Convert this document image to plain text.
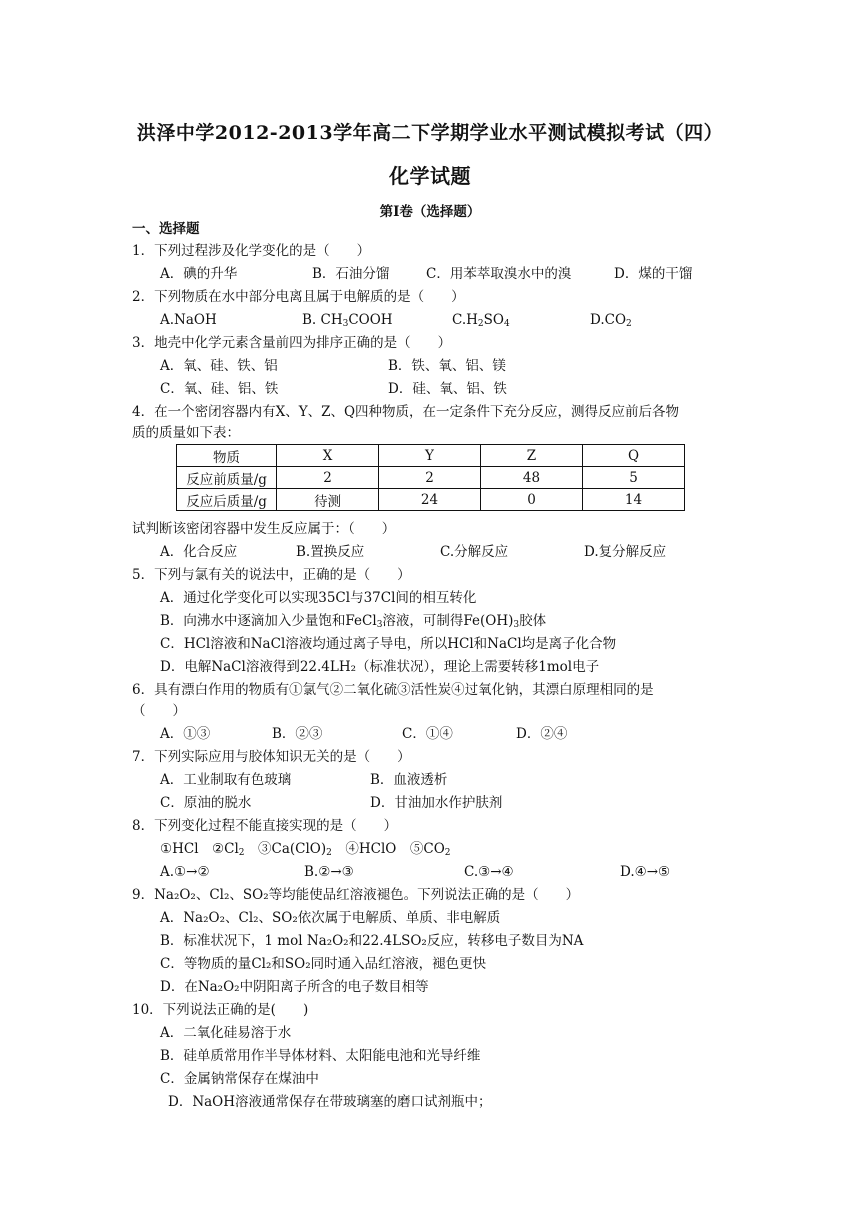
洪泽中学2012-2013学年高二下学期学业水平测试模拟考试（四）
化学试题
第Ⅰ卷（选择题）
一、选择题
1．下列过程涉及化学变化的是（　　）
A．碘的升华	B．石油分馏	C．用苯萃取溴水中的溴	D．煤的干馏
2．下列物质在水中部分电离且属于电解质的是（　　）
A.NaOH	B. $CH_3COOH$	$C.H_2SO_4$	$D.CO_2$
3．地壳中化学元素含量前四为排序正确的是（　　）
A．氧、硅、铁、铝	B．铁、氧、铝、镁
C．氧、硅、铝、铁	D．硅、氧、铝、铁
4．在一个密闭容器内有X、Y、Z、Q四种物质，在一定条件下充分反应，测得反应前后各物
质的质量如下表：
物质	X	Y	Z	Q
反应前质量/g	2	2	48	5
反应后质量/g	待测	24	0	14
试判断该密闭容器中发生反应属于：（　　）
A．化合反应	B.置换反应	C.分解反应	D.复分解反应
5．下列与氯有关的说法中，正确的是（　　）
A．通过化学变化可以实现35Cl与37Cl间的相互转化
B．向沸水中逐滴加入少量饱和FeCl$_3$溶液，可制得$Fe(OH)_3$胶体
C．HCl溶液和NaCl溶液均通过离子导电，所以HCl和NaCl均是离子化合物
D．电解NaCl溶液得到22.4LH₂（标准状况），理论上需要转移1mol电子
6．具有漂白作用的物质有①氯气②二氧化硫③活性炭④过氧化钠，其漂白原理相同的是
（　　）
A．①③	B．②③	C．①④	D．②④
7．下列实际应用与胶体知识无关的是（　　）
A．工业制取有色玻璃	B．血液透析
C．原油的脱水	D．甘油加水作护肤剂
8．下列变化过程不能直接实现的是（　　）
①HCl　$②Cl_2$　$③Ca(ClO)_2$　④HClO　$⑤CO_2$
A.①→②	B.②→③	C.③→④	D.④→⑤
9．Na₂O₂、Cl₂、SO₂等均能使品红溶液褪色。下列说法正确的是（　　）
A．Na₂O₂、Cl₂、SO₂依次属于电解质、单质、非电解质
B．标准状况下，1 mol Na₂O₂和22.4LSO₂反应，转移电子数目为NA
C．等物质的量Cl₂和SO₂同时通入品红溶液，褪色更快
D．在Na₂O₂中阴阳离子所含的电子数目相等
10．下列说法正确的是(　　)
A．二氧化硅易溶于水
B．硅单质常用作半导体材料、太阳能电池和光导纤维
C．金属钠常保存在煤油中
D．NaOH溶液通常保存在带玻璃塞的磨口试剂瓶中；
